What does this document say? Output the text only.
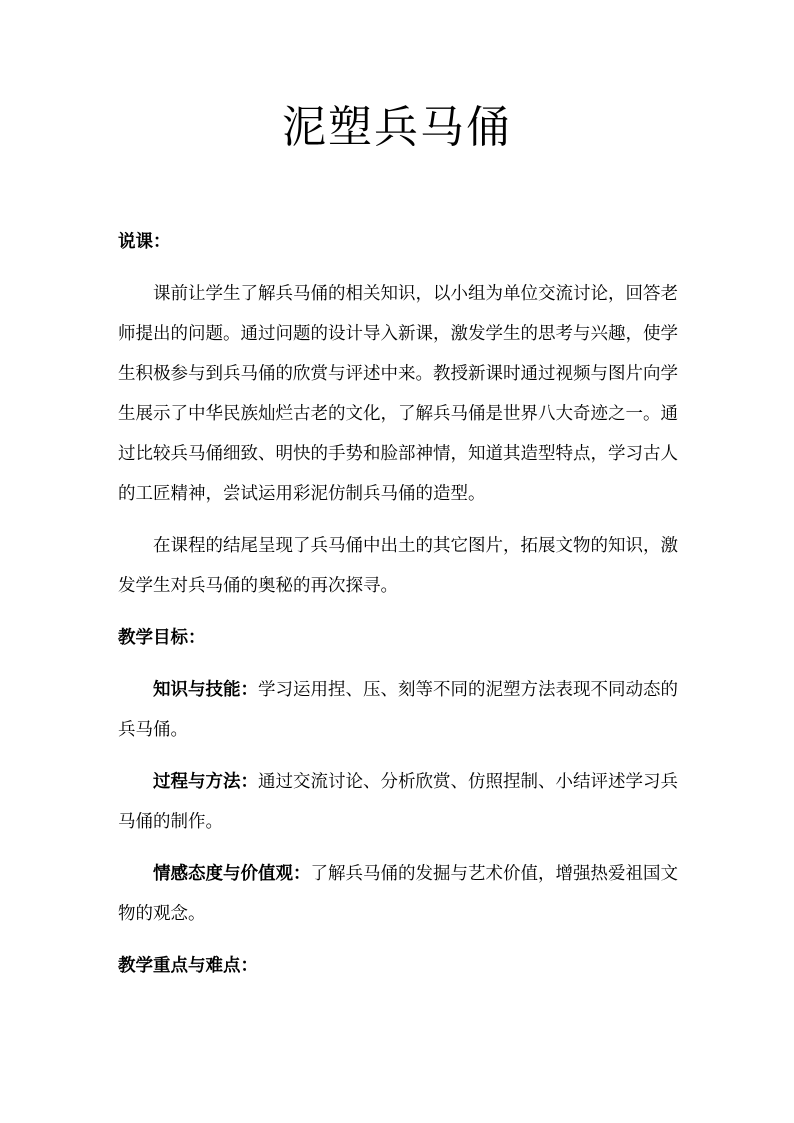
泥塑兵马俑

说课：

课前让学生了解兵马俑的相关知识，以小组为单位交流讨论，回答老师提出的问题。通过问题的设计导入新课，激发学生的思考与兴趣，使学生积极参与到兵马俑的欣赏与评述中来。教授新课时通过视频与图片向学生展示了中华民族灿烂古老的文化，了解兵马俑是世界八大奇迹之一。通过比较兵马俑细致、明快的手势和脸部神情，知道其造型特点，学习古人的工匠精神，尝试运用彩泥仿制兵马俑的造型。

在课程的结尾呈现了兵马俑中出土的其它图片，拓展文物的知识，激发学生对兵马俑的奥秘的再次探寻。

教学目标：

知识与技能：学习运用捏、压、刻等不同的泥塑方法表现不同动态的兵马俑。

过程与方法：通过交流讨论、分析欣赏、仿照捏制、小结评述学习兵马俑的制作。

情感态度与价值观：了解兵马俑的发掘与艺术价值，增强热爱祖国文物的观念。

教学重点与难点：
